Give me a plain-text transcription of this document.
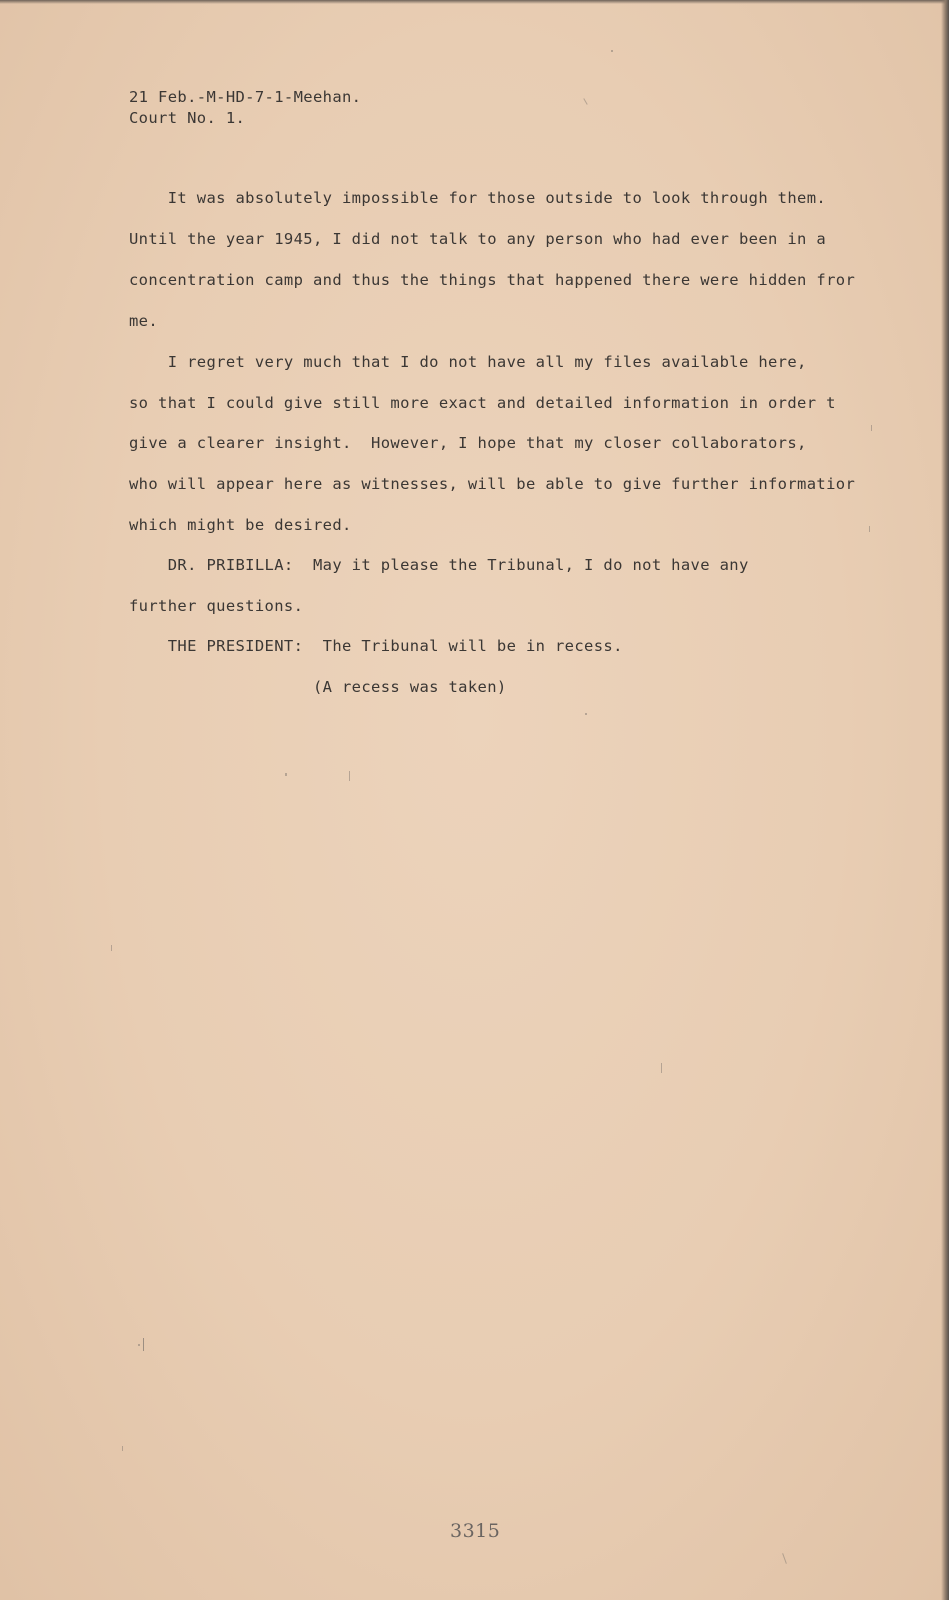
21 Feb.-M-HD-7-1-Meehan.

Court No. 1.

It was absolutely impossible for those outside to look through them.

Until the year 1945, I did not talk to any person who had ever been in a

concentration camp and thus the things that happened there were hidden fror

me.

I regret very much that I do not have all my files available here,

so that I could give still more exact and detailed information in order t

give a clearer insight.  However, I hope that my closer collaborators,

who will appear here as witnesses, will be able to give further informatior

which might be desired.

DR. PRIBILLA:  May it please the Tribunal, I do not have any

further questions.

THE PRESIDENT:  The Tribunal will be in recess.

(A recess was taken)

3315
